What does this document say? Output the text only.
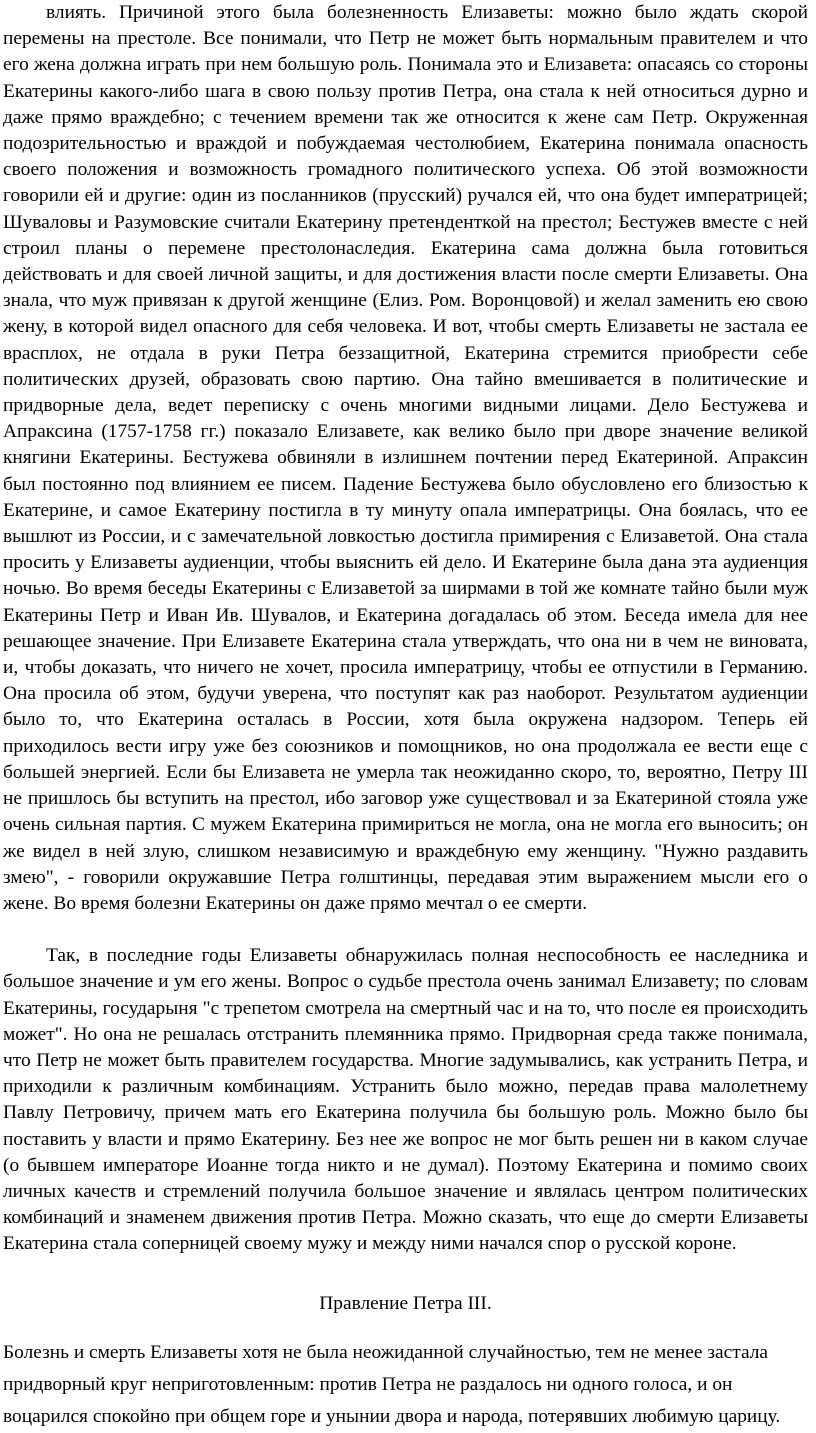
влиять. Причиной этого была болезненность Елизаветы: можно было ждать скорой перемены на престоле. Все понимали, что Петр не может быть нормальным правителем и что его жена должна играть при нем большую роль. Понимала это и Елизавета: опасаясь со стороны Екатерины какого-либо шага в свою пользу против Петра, она стала к ней относиться дурно и даже прямо враждебно; с течением времени так же относится к жене сам Петр. Окруженная подозрительностью и враждой и побуждаемая честолюбием, Екатерина понимала опасность своего положения и возможность громадного политического успеха. Об этой возможности говорили ей и другие: один из посланников (прусский) ручался ей, что она будет императрицей; Шуваловы и Разумовские считали Екатерину претенденткой на престол; Бестужев вместе с ней строил планы о перемене престолонаследия. Екатерина сама должна была готовиться действовать и для своей личной защиты, и для достижения власти после смерти Елизаветы. Она знала, что муж привязан к другой женщине (Елиз. Ром. Воронцовой) и желал заменить ею свою жену, в которой видел опасного для себя человека. И вот, чтобы смерть Елизаветы не застала ее врасплох, не отдала в руки Петра беззащитной, Екатерина стремится приобрести себе политических друзей, образовать свою партию. Она тайно вмешивается в политические и придворные дела, ведет переписку с очень многими видными лицами. Дело Бестужева и Апраксина (1757-1758 гг.) показало Елизавете, как велико было при дворе значение великой княгини Екатерины. Бестужева обвиняли в излишнем почтении перед Екатериной. Апраксин был постоянно под влиянием ее писем. Падение Бестужева было обусловлено его близостью к Екатерине, и самое Екатерину постигла в ту минуту опала императрицы. Она боялась, что ее вышлют из России, и с замечательной ловкостью достигла примирения с Елизаветой. Она стала просить у Елизаветы аудиенции, чтобы выяснить ей дело. И Екатерине была дана эта аудиенция ночью. Во время беседы Екатерины с Елизаветой за ширмами в той же комнате тайно были муж Екатерины Петр и Иван Ив. Шувалов, и Екатерина догадалась об этом. Беседа имела для нее решающее значение. При Елизавете Екатерина стала утверждать, что она ни в чем не виновата, и, чтобы доказать, что ничего не хочет, просила императрицу, чтобы ее отпустили в Германию. Она просила об этом, будучи уверена, что поступят как раз наоборот. Результатом аудиенции было то, что Екатерина осталась в России, хотя была окружена надзором. Теперь ей приходилось вести игру уже без союзников и помощников, но она продолжала ее вести еще с большей энергией. Если бы Елизавета не умерла так неожиданно скоро, то, вероятно, Петру III не пришлось бы вступить на престол, ибо заговор уже существовал и за Екатериной стояла уже очень сильная партия. С мужем Екатерина примириться не могла, она не могла его выносить; он же видел в ней злую, слишком независимую и враждебную ему женщину. "Нужно раздавить змею", - говорили окружавшие Петра голштинцы, передавая этим выражением мысли его о жене. Во время болезни Екатерины он даже прямо мечтал о ее смерти.

Так, в последние годы Елизаветы обнаружилась полная неспособность ее наследника и большое значение и ум его жены. Вопрос о судьбе престола очень занимал Елизавету; по словам Екатерины, государыня "с трепетом смотрела на смертный час и на то, что после ея происходить может". Но она не решалась отстранить племянника прямо. Придворная среда также понимала, что Петр не может быть правителем государства. Многие задумывались, как устранить Петра, и приходили к различным комбинациям. Устранить было можно, передав права малолетнему Павлу Петровичу, причем мать его Екатерина получила бы большую роль. Можно было бы поставить у власти и прямо Екатерину. Без нее же вопрос не мог быть решен ни в каком случае (о бывшем императоре Иоанне тогда никто и не думал). Поэтому Екатерина и помимо своих личных качеств и стремлений получила большое значение и являлась центром политических комбинаций и знаменем движения против Петра. Можно сказать, что еще до смерти Елизаветы Екатерина стала соперницей своему мужу и между ними начался спор о русской короне.

Правление Петра III.

Болезнь и смерть Елизаветы хотя не была неожиданной случайностью, тем не менее застала придворный круг неприготовленным: против Петра не раздалось ни одного голоса, и он воцарился спокойно при общем горе и унынии двора и народа, потерявших любимую царицу.
